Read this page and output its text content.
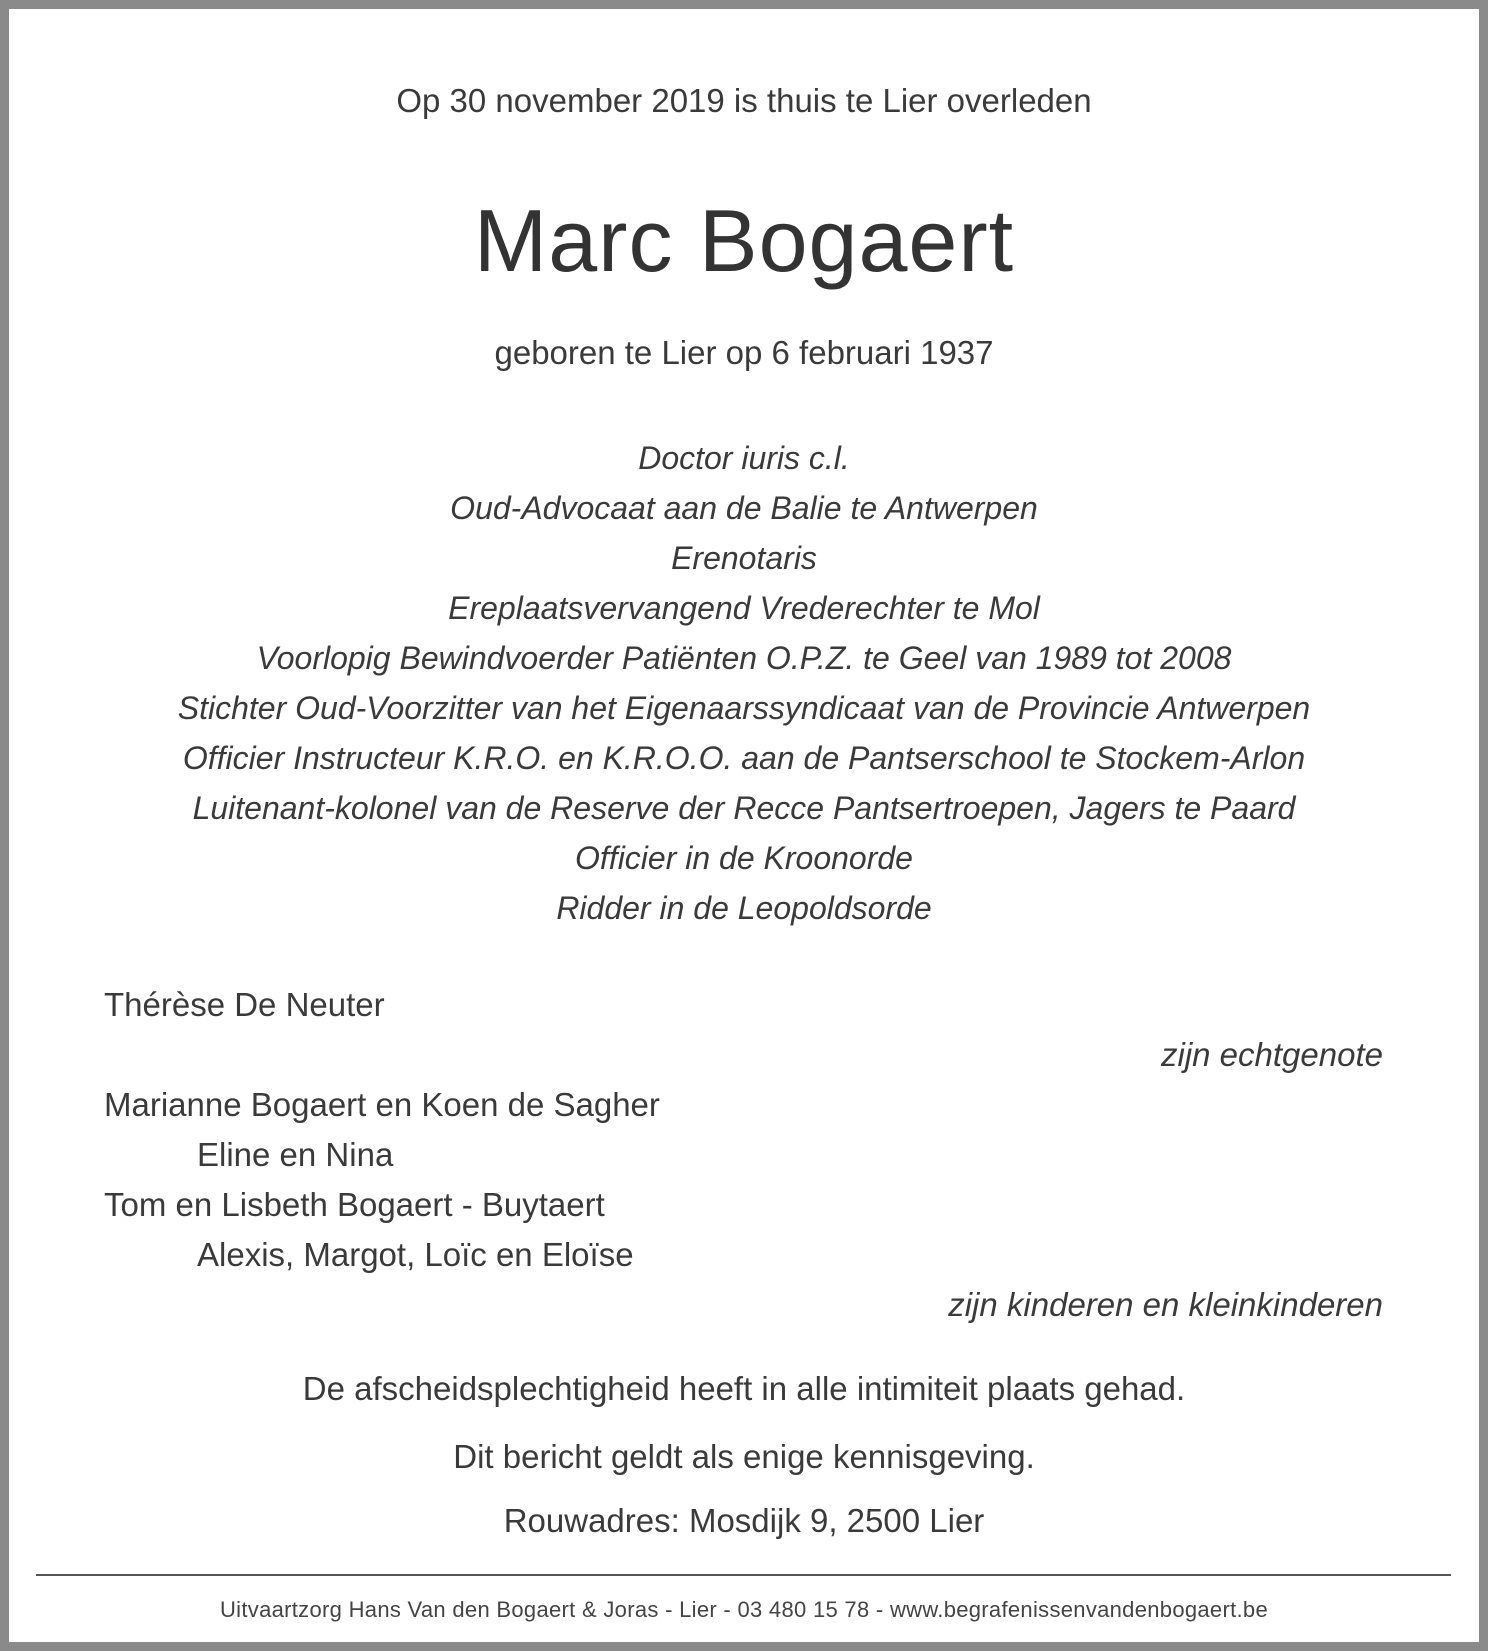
Op 30 november 2019 is thuis te Lier overleden
Marc Bogaert
geboren te Lier op 6 februari 1937
Doctor iuris c.l.
Oud-Advocaat aan de Balie te Antwerpen
Erenotaris
Ereplaatsvervangend Vrederechter te Mol
Voorlopig Bewindvoerder Patiënten O.P.Z. te Geel van 1989 tot 2008
Stichter Oud-Voorzitter van het Eigenaarssyndicaat van de Provincie Antwerpen
Officier Instructeur K.R.O. en K.R.O.O. aan de Pantserschool te Stockem-Arlon
Luitenant-kolonel van de Reserve der Recce Pantsertroepen, Jagers te Paard
Officier in de Kroonorde
Ridder in de Leopoldsorde
Thérèse De Neuter
zijn echtgenote
Marianne Bogaert en Koen de Sagher
Eline en Nina
Tom en Lisbeth Bogaert - Buytaert
Alexis, Margot, Loïc en Eloïse
zijn kinderen en kleinkinderen
De afscheidsplechtigheid heeft in alle intimiteit plaats gehad.
Dit bericht geldt als enige kennisgeving.
Rouwadres: Mosdijk 9, 2500 Lier
Uitvaartzorg Hans Van den Bogaert & Joras - Lier - 03 480 15 78 - www.begrafenissenvandenbogaert.be
